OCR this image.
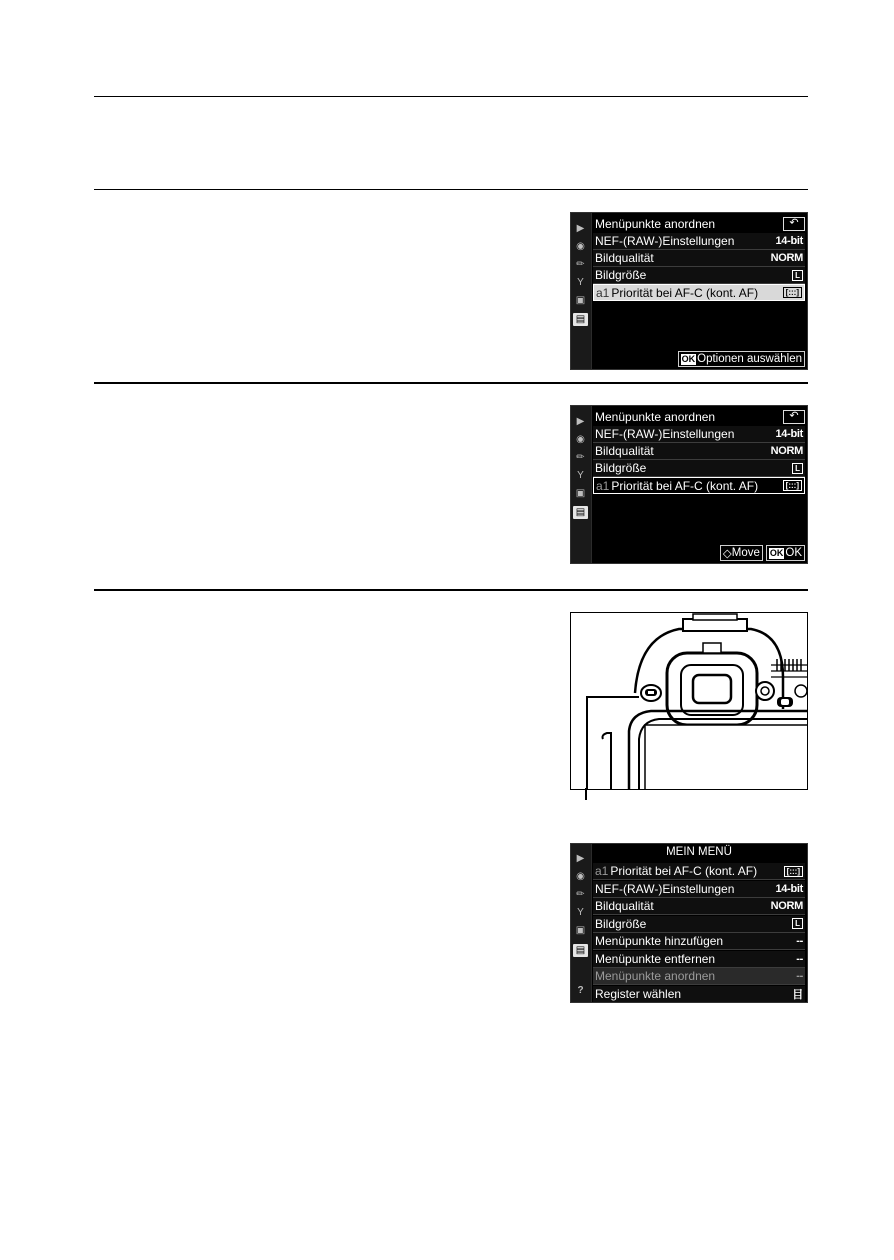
▶
◉
✏
Y
▣
▤
Menüpunkte anordnen	↶
NEF-(RAW-)Einstellungen	14-bit
Bildqualität	NORM
Bildgröße	L
a1 Priorität bei AF-C (kont. AF)	[:::]
OK Optionen auswählen
▶
◉
✏
Y
▣
▤
Menüpunkte anordnen	↶
NEF-(RAW-)Einstellungen	14-bit
Bildqualität	NORM
Bildgröße	L
a1 Priorität bei AF-C (kont. AF)	[:::]
◇ Move OK OK
▶
◉
✏
Y
▣
▤
?
MEIN MENÜ
a1 Priorität bei AF-C (kont. AF)	[:::]
NEF-(RAW-)Einstellungen	14-bit
Bildqualität	NORM
Bildgröße	L
Menüpunkte hinzufügen	--
Menüpunkte entfernen	--
Menüpunkte anordnen	--
Register wählen	目
